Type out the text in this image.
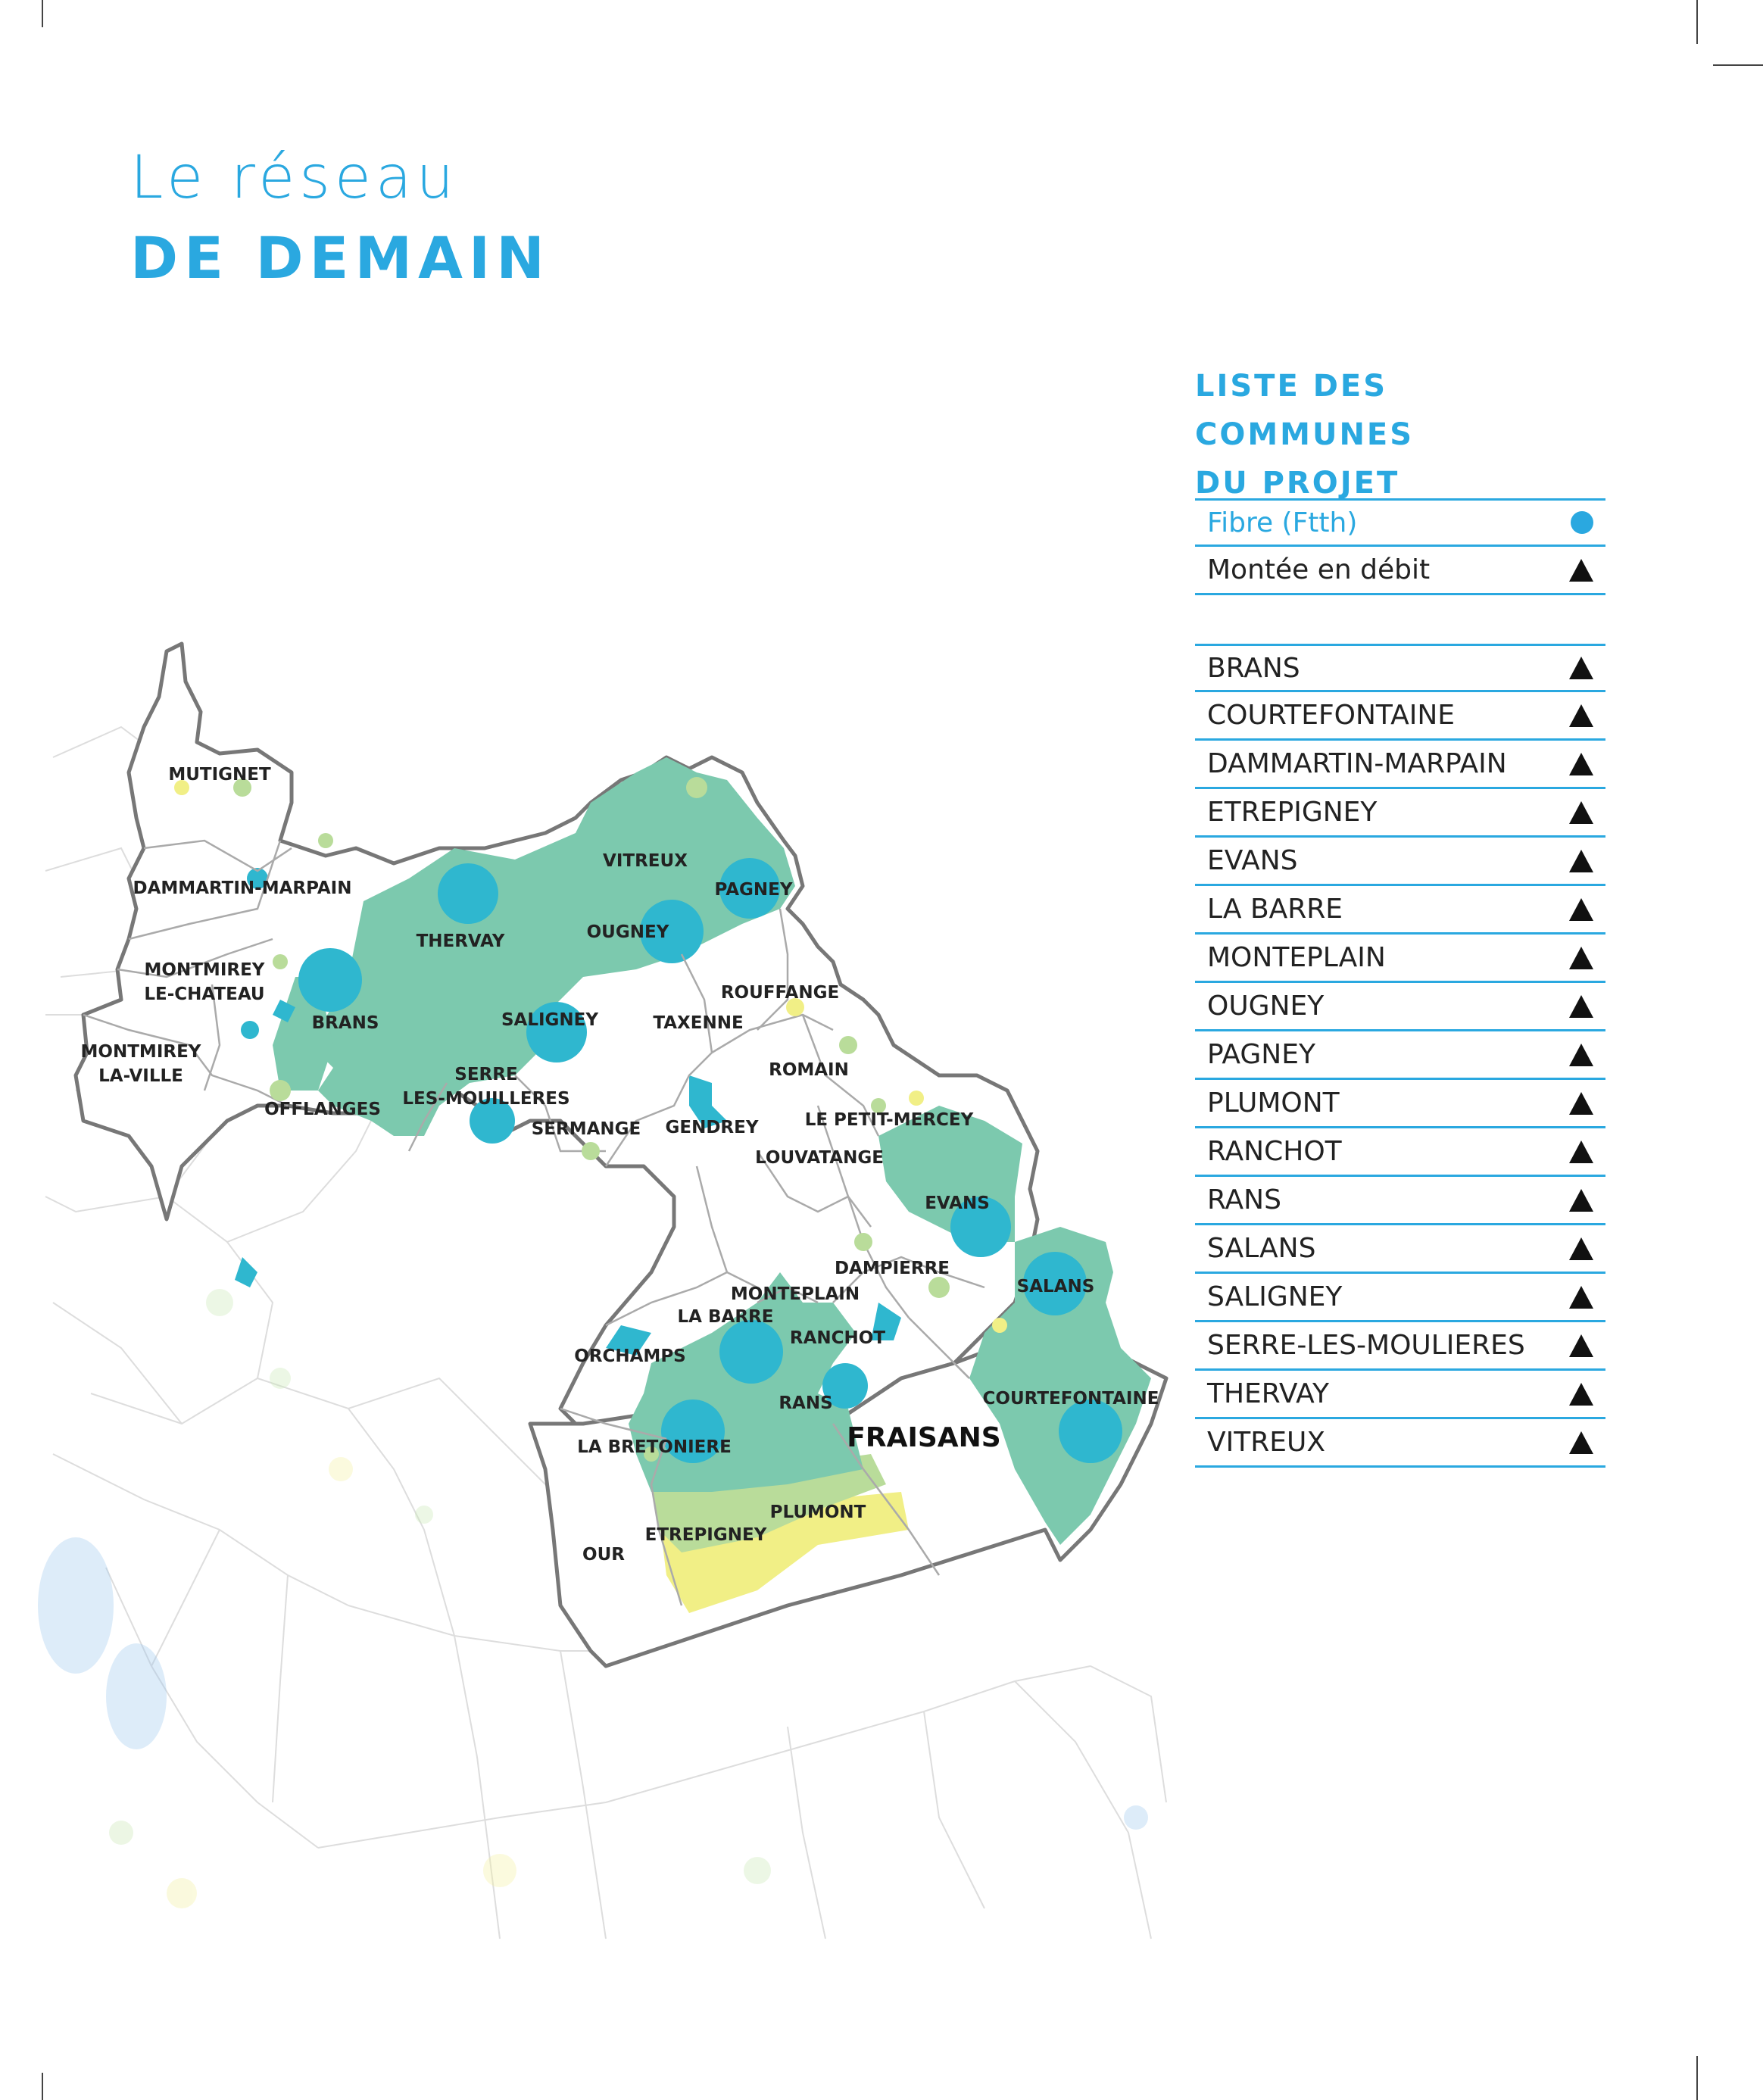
Le réseau
DE DEMAIN
LISTE DES COMMUNES
DU PROJET
Fibre (Ftth)
Montée en débit
BRANS
COURTEFONTAINE
DAMMARTIN-MARPAIN
ETREPIGNEY
EVANS
LA BARRE
MONTEPLAIN
OUGNEY
PAGNEY
PLUMONT
RANCHOT
RANS
SALANS
SALIGNEY
SERRE-LES-MOULIERES
THERVAY
VITREUX
MUTIGNET
DAMMARTIN-MARPAIN
MONTMIREY
LE-CHATEAU
MONTMIREY
LA-VILLE
BRANS
OFFLANGES
THERVAY
VITREUX
OUGNEY
PAGNEY
SALIGNEY
SERRE
LES-MOUILLERES
SERMANGE GENDREY
TAXENNE
ROUFFANGE
ROMAIN
LE PETIT-MERCEY
LOUVATANGE
EVANS
DAMPIERRE
SALANS
MONTEPLAIN
LA BARRE
RANCHOT
ORCHAMPS
RANS	COURTEFONTAINE
FRAISANS
LA BRETONIERE
PLUMONT
ETREPIGNEY
OUR
